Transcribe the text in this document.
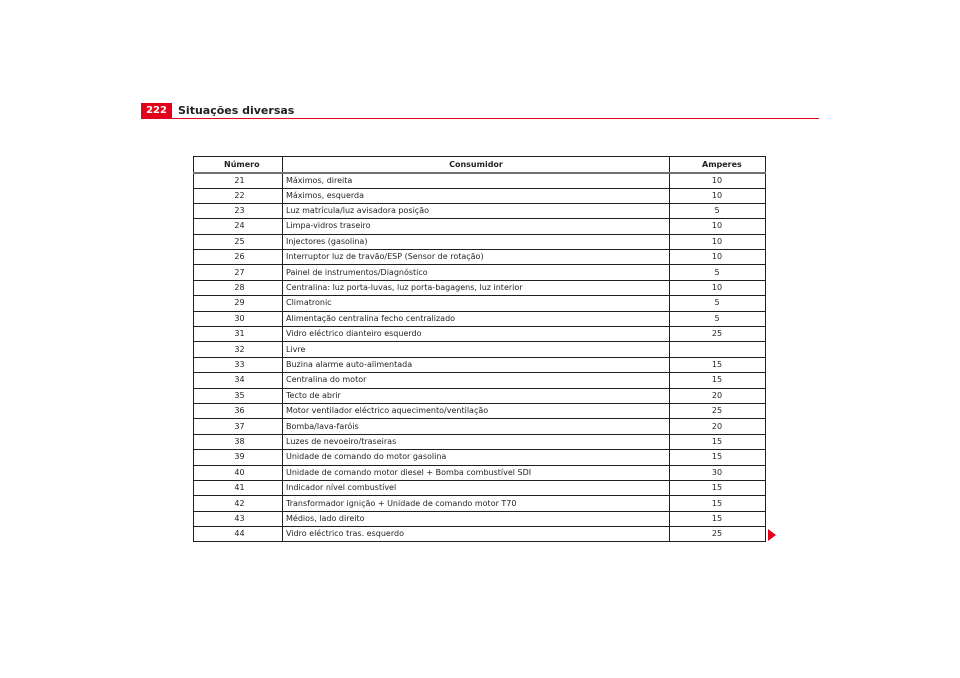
222	Situações diversas
Número	Consumidor	Amperes
21	Máximos, direita	10
22	Máximos, esquerda	10
23	Luz matrícula/luz avisadora posição	5
24	Limpa-vidros traseiro	10
25	Injectores (gasolina)	10
26	Interruptor luz de travão/ESP (Sensor de rotação)	10
27	Painel de instrumentos/Diagnóstico	5
28	Centralina: luz porta-luvas, luz porta-bagagens, luz interior	10
29	Climatronic	5
30	Alimentação centralina fecho centralizado	5
31	Vidro eléctrico dianteiro esquerdo	25
32	Livre	
33	Buzina alarme auto-alimentada	15
34	Centralina do motor	15
35	Tecto de abrir	20
36	Motor ventilador eléctrico aquecimento/ventilação	25
37	Bomba/lava-faróis	20
38	Luzes de nevoeiro/traseiras	15
39	Unidade de comando do motor gasolina	15
40	Unidade de comando motor diesel + Bomba combustível SDI	30
41	Indicador nível combustível	15
42	Transformador ignição + Unidade de comando motor T70	15
43	Médios, lado direito	15
44	Vidro eléctrico tras. esquerdo	25
